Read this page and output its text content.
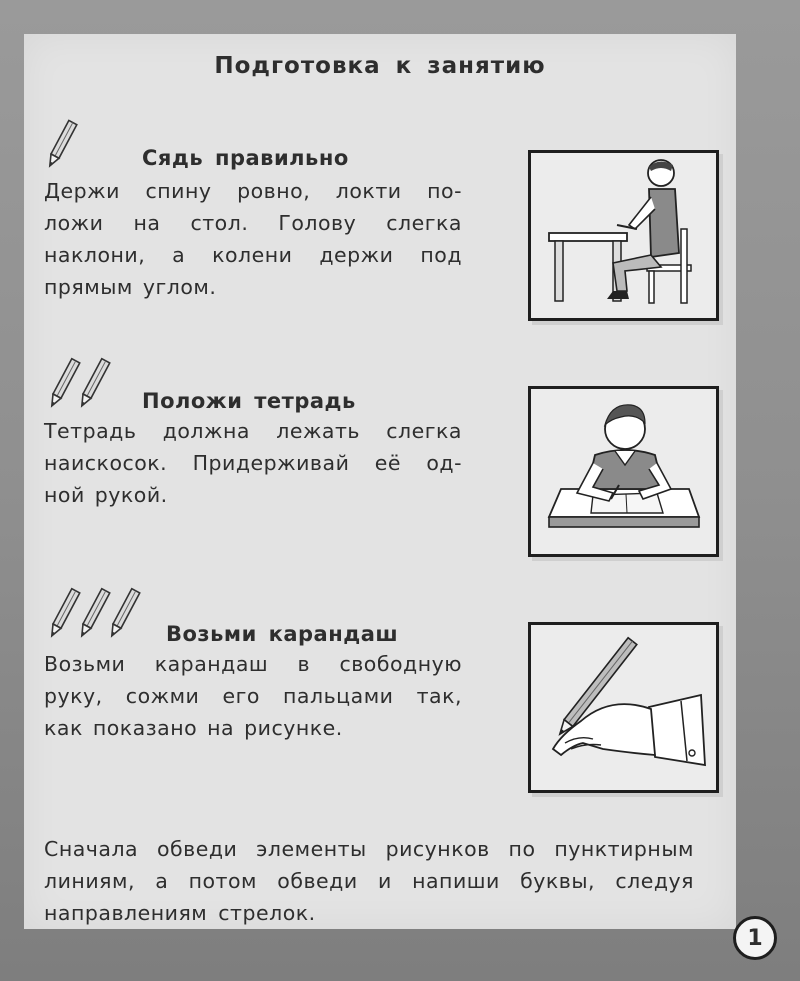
Подготовка к занятию
Сядь правильно
Держи спину ровно, локти по-
ложи на стол. Голову слегка
наклони, а колени держи под
прямым углом.
Положи тетрадь
Тетрадь должна лежать слегка
наискосок. Придерживай её од-
ной рукой.
Возьми карандаш
Возьми карандаш в свободную
руку, сожми его пальцами так,
как показано на рисунке.
Сначала обведи элементы рисунков по пунктирным
линиям, а потом обведи и напиши буквы, следуя
направлениям стрелок.
1
